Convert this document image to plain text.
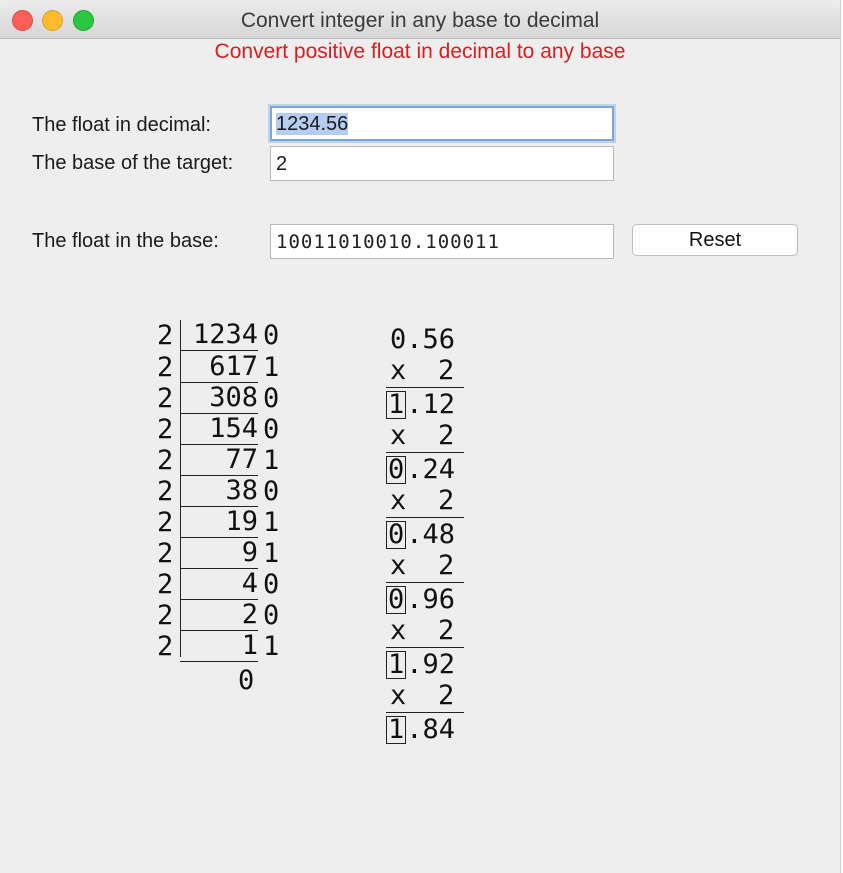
Convert integer in any base to decimal
Convert positive float in decimal to any base
The float in decimal:	1234.56
The base of the target:	2
The float in the base:	10011010010.100011	Reset
2 1234 0
2	617 1
2	308 0
2	154 0
2	77 1
2	38 0
2	19 1
2	9 1
2	4 0
2	2 0
2	1 1
0
0.56
x 2
1.12
x 2
0.24
x 2
0.48
x 2
0.96
x 2
1.92
x 2
1.84
